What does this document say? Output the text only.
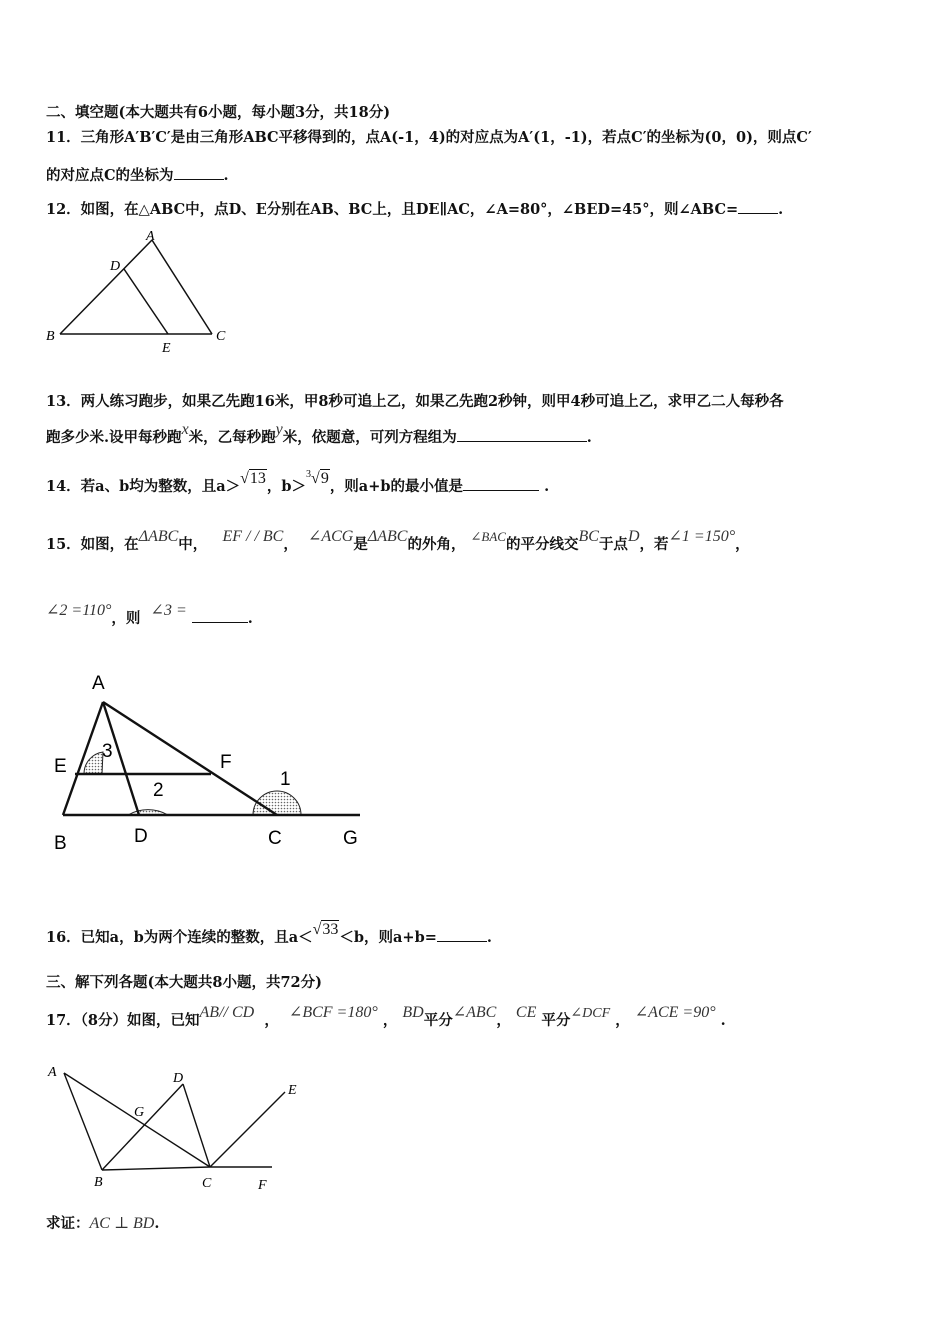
二、填空题(本大题共有6小题，每小题3分，共18分)
11．三角形A′B′C′是由三角形ABC平移得到的，点A(-1，4)的对应点为A′(1，-1)，若点C′的坐标为(0，0)，则点C′
的对应点C的坐标为	.
12．如图，在△ABC中，点D、E分别在AB、BC上，且DE∥AC，∠A=80°，∠BED=45°，则∠ABC=	.
A
B	C
D
E
13．两人练习跑步，如果乙先跑16米，甲8秒可追上乙，如果乙先跑2秒钟，则甲4秒可追上乙，求甲乙二人每秒各
跑多少米.设甲每秒跑x米，乙每秒跑y米，依题意，可列方程组为	.
14．若a、b均为整数，且a＞√13，b＞$^3$√9，则a+b的最小值是	.
15．如图，在ΔABC中， EF / / BC， ∠ACG是ΔABC的外角， ∠BAC的平分线交BC于点D，若∠1 =150°，
∠2 =110°，则 ∠3 =	.
A
E	F
B	D	C	G
1
2
3
16．已知a，b为两个连续的整数，且a＜√33＜b，则a+b=	.
三、解下列各题(本大题共8小题，共72分)
17．（8分）如图，已知AB// CD ， ∠BCF =180° ， BD平分∠ABC， CE 平分∠DCF ， ∠ACE =90° .
A	D
E
G
B	C	F
求证：AC ⊥ BD.
